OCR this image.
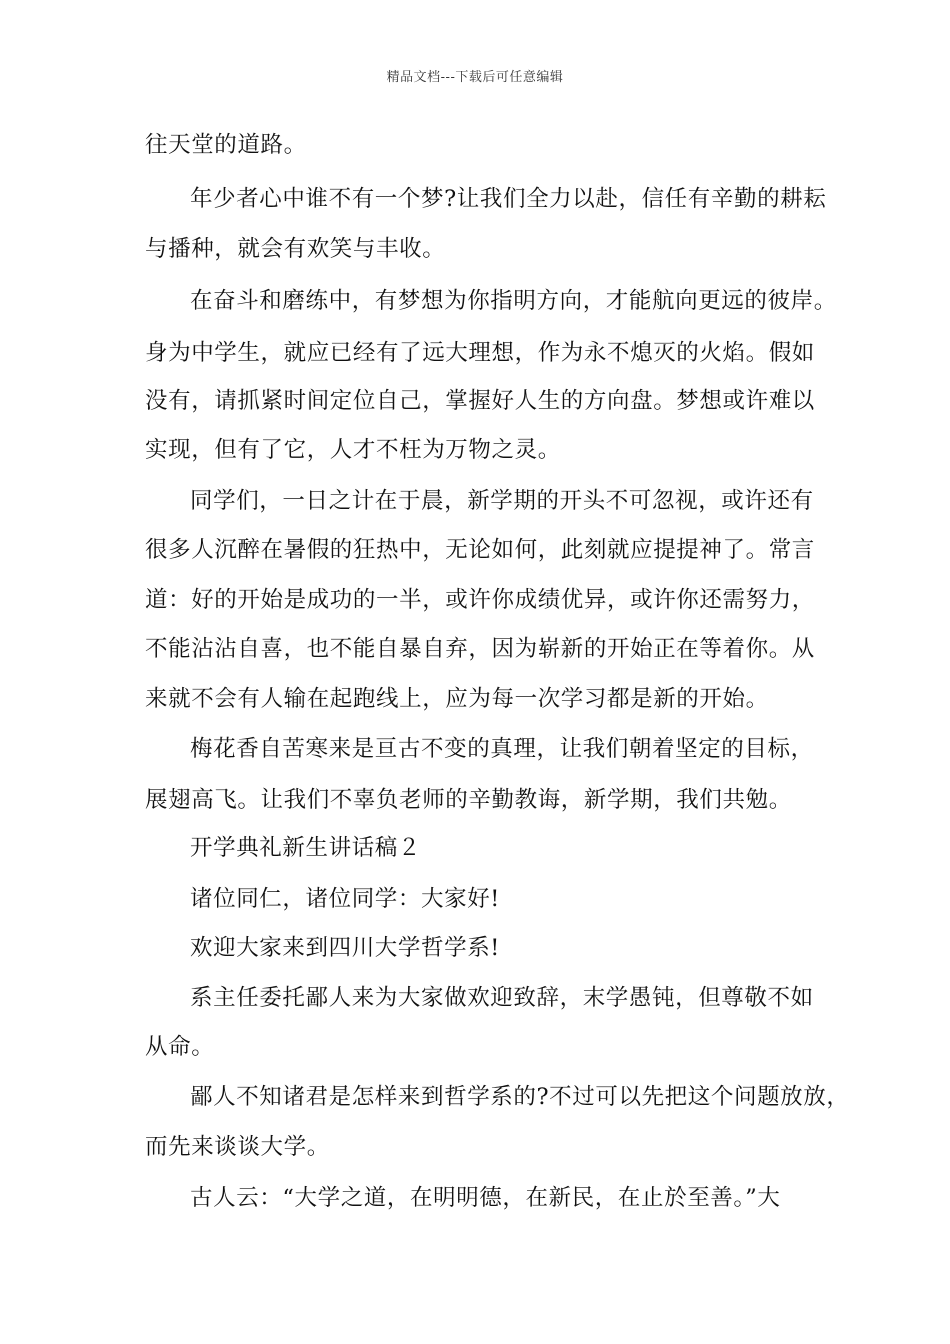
精品文档---下载后可任意编辑
往天堂的道路。
年少者心中谁不有一个梦?让我们全力以赴，信任有辛勤的耕耘
与播种，就会有欢笑与丰收。
在奋斗和磨练中，有梦想为你指明方向，才能航向更远的彼岸。
身为中学生，就应已经有了远大理想，作为永不熄灭的火焰。假如
没有，请抓紧时间定位自己，掌握好人生的方向盘。梦想或许难以
实现，但有了它，人才不枉为万物之灵。
同学们，一日之计在于晨，新学期的开头不可忽视，或许还有
很多人沉醉在暑假的狂热中，无论如何，此刻就应提提神了。常言
道：好的开始是成功的一半，或许你成绩优异，或许你还需努力，
不能沾沾自喜，也不能自暴自弃，因为崭新的开始正在等着你。从
来就不会有人输在起跑线上，应为每一次学习都是新的开始。
梅花香自苦寒来是亘古不变的真理，让我们朝着坚定的目标，
展翅高飞。让我们不辜负老师的辛勤教诲，新学期，我们共勉。
开学典礼新生讲话稿２
诸位同仁，诸位同学：大家好!
欢迎大家来到四川大学哲学系!
系主任委托鄙人来为大家做欢迎致辞，末学愚钝，但尊敬不如
从命。
鄙人不知诸君是怎样来到哲学系的?不过可以先把这个问题放放，
而先来谈谈大学。
古人云：“大学之道，在明明德，在新民，在止於至善。”大
